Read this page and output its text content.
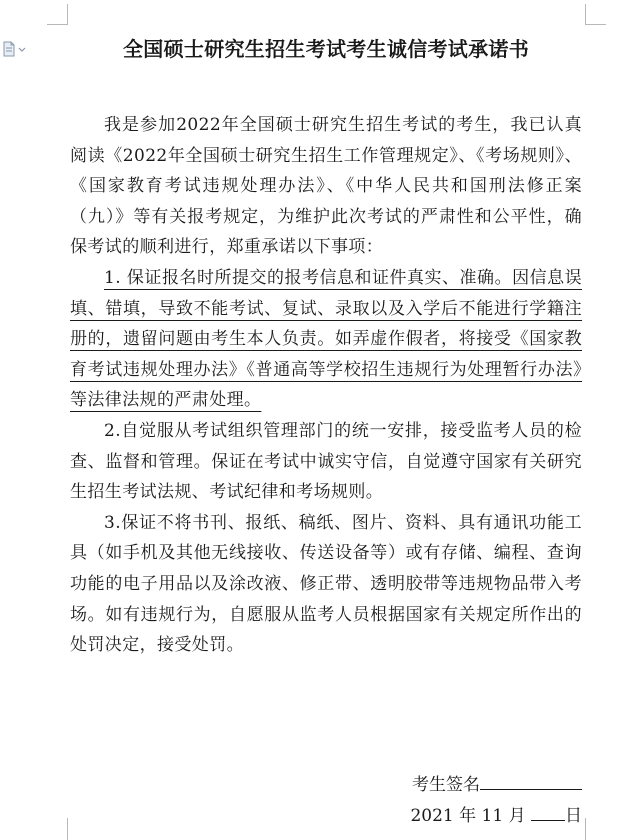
全国硕士研究生招生考试考生诚信考试承诺书

我是参加2022年全国硕士研究生招生考试的考生，我已认真阅读《2022年全国硕士研究生招生工作管理规定》、《考场规则》、《国家教育考试违规处理办法》、《中华人民共和国刑法修正案（九）》等有关报考规定，为维护此次考试的严肃性和公平性，确保考试的顺利进行，郑重承诺以下事项：

1. 保证报名时所提交的报考信息和证件真实、准确。因信息误填、错填，导致不能考试、复试、录取以及入学后不能进行学籍注册的，遗留问题由考生本人负责。如弄虚作假者，将接受《国家教育考试违规处理办法》《普通高等学校招生违规行为处理暂行办法》等法律法规的严肃处理。

2.自觉服从考试组织管理部门的统一安排，接受监考人员的检查、监督和管理。保证在考试中诚实守信，自觉遵守国家有关研究生招生考试法规、考试纪律和考场规则。

3.保证不将书刊、报纸、稿纸、图片、资料、具有通讯功能工具（如手机及其他无线接收、传送设备等）或有存储、编程、查询功能的电子用品以及涂改液、修正带、透明胶带等违规物品带入考场。如有违规行为，自愿服从监考人员根据国家有关规定所作出的处罚决定，接受处罚。

考生签名
2021 年 11 月 日
